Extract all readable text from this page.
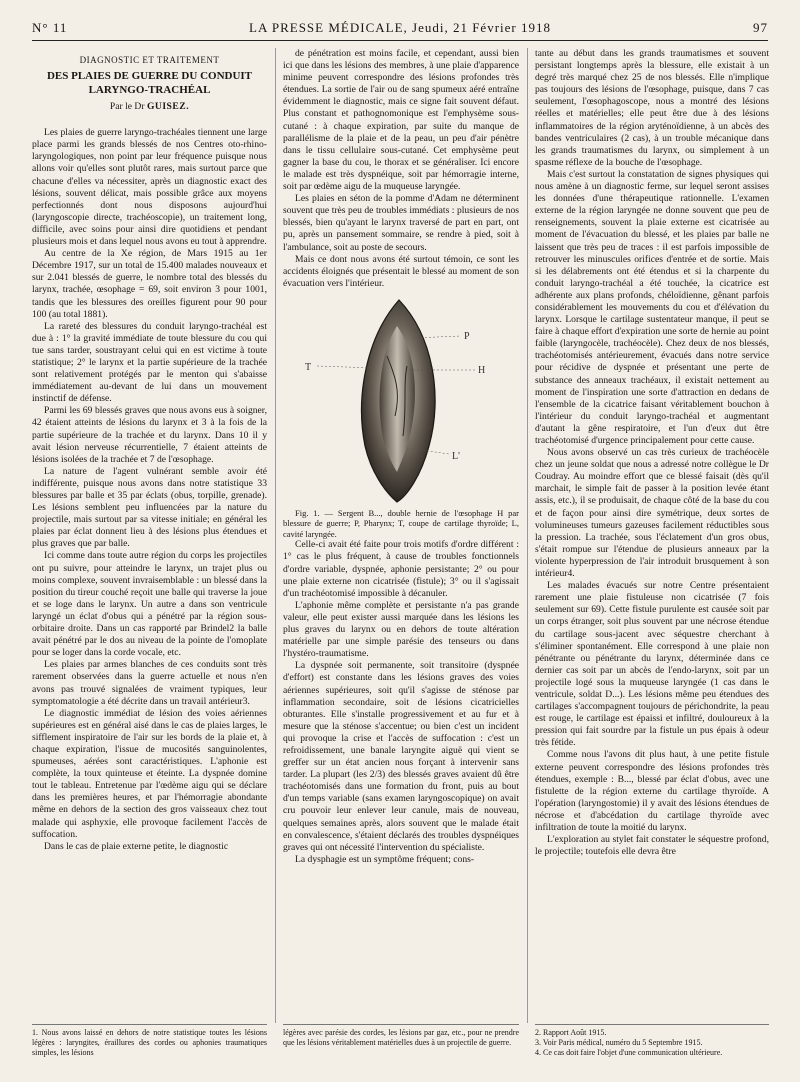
N° 11	LA PRESSE MÉDICALE, Jeudi, 21 Février 1918	97
DIAGNOSTIC ET TRAITEMENT
DES PLAIES DE GUERRE DU CONDUIT LARYNGO-TRACHÉAL
Par le Dr GUISEZ.

Les plaies de guerre laryngo-trachéales tiennent une large place parmi les grands blessés de nos Centres oto-rhino-laryngologiques, non point par leur fréquence puisque nous allons voir qu'elles sont plutôt rares, mais surtout parce que chacune d'elles va nécessiter, après un diagnostic exact des lésions, souvent délicat, mais possible grâce aux moyens perfectionnés dont nous disposons aujourd'hui (laryngoscopie directe, trachéoscopie), un traitement long, difficile, avec soins pour ainsi dire quotidiens et pendant plusieurs mois et dans lequel nous avons eu tout à apprendre.

Au centre de la Xe région, de Mars 1915 au 1er Décembre 1917, sur un total de 15.400 malades nouveaux et sur 2.041 blessés de guerre, le nombre total des blessés du larynx, trachée, œsophage = 69, soit environ 3 pour 1001, tandis que les blessures des oreilles figurent pour 90 pour 100 (au total 1881).

La rareté des blessures du conduit laryngo-trachéal est due à : 1° la gravité immédiate de toute blessure du cou qui tue sans tarder, soustrayant celui qui en est victime à toute statistique; 2° le larynx et la partie supérieure de la trachée sont relativement protégés par le menton qui s'abaisse immédiatement au-devant de lui dans un mouvement instinctif de défense.

Parmi les 69 blessés graves que nous avons eus à soigner, 42 étaient atteints de lésions du larynx et 3 à la fois de la partie supérieure de la trachée et du larynx. Dans 10 il y avait lésion nerveuse récurrentielle, 7 étaient atteints de lésions isolées de la trachée et 7 de l'œsophage.

La nature de l'agent vulnérant semble avoir été indifférente, puisque nous avons dans notre statistique 33 blessures par balle et 35 par éclats (obus, torpille, grenade). Les lésions semblent peu influencées par la nature du projectile, mais surtout par sa vitesse initiale; en général les plaies par éclat donnent lieu à des lésions plus étendues et plus graves que par balle.

Ici comme dans toute autre région du corps les projectiles ont pu suivre, pour atteindre le larynx, un trajet plus ou moins complexe, souvent invraisemblable : un blessé dans la position du tireur couché reçoit une balle qui traverse la joue et se loge dans le larynx. Un autre a dans son ventricule laryngé un éclat d'obus qui a pénétré par la région sous-orbitaire droite. Dans un cas rapporté par Brindel2 la balle avait pénétré par le dos au niveau de la pointe de l'omoplate pour se loger dans la corde vocale, etc.

Les plaies par armes blanches de ces conduits sont très rarement observées dans la guerre actuelle et nous n'en avons pas trouvé signalées de vraiment typiques, leur symptomatologie a été décrite dans un travail antérieur3.

Le diagnostic immédiat de lésion des voies aériennes supérieures est en général aisé dans le cas de plaies larges, le sifflement inspiratoire de l'air sur les bords de la plaie et, à chaque expiration, l'issue de mucosités sanguinolentes, spumeuses, aérées sont caractéristiques. L'aphonie est complète, la toux quinteuse et éteinte. La dyspnée domine tout le tableau. Entretenue par l'œdème aigu qui se déclare dans les premières heures, et par l'hémorragie abondante même en dehors de la section des gros vaisseaux chez tout malade qui asphyxie, elle provoque facilement l'accès de suffocation.

Dans le cas de plaie externe petite, le diagnostic

de pénétration est moins facile, et cependant, aussi bien ici que dans les lésions des membres, à une plaie d'apparence minime peuvent correspondre des lésions profondes très étendues. La sortie de l'air ou de sang spumeux aéré entraîne évidemment le diagnostic, mais ce signe fait souvent défaut. Plus constant et pathognomonique est l'emphysème sous-cutané : à chaque expiration, par suite du manque de parallélisme de la plaie et de la peau, un peu d'air pénètre dans le tissu cellulaire sous-cutané. Cet emphysème peut gagner la base du cou, le thorax et se généraliser. Ici encore le malade est très dyspnéique, soit par hémorragie interne, soit par œdème aigu de la muqueuse laryngée.

Les plaies en séton de la pomme d'Adam ne déterminent souvent que très peu de troubles immédiats : plusieurs de nos blessés, bien qu'ayant le larynx traversé de part en part, ont pu, après un pansement sommaire, se rendre à pied, soit à l'ambulance, soit au poste de secours.

Mais ce dont nous avons été surtout témoin, ce sont les accidents éloignés que présentait le blessé au moment de son évacuation vers l'intérieur.

P
T	H
L'

Fig. 1. — Sergent B..., double hernie de l'œsophage H par blessure de guerre; P, Pharynx; T, coupe de cartilage thyroïde; L, cavité laryngée.

Celle-ci avait été faite pour trois motifs d'ordre différent : 1° cas le plus fréquent, à cause de troubles fonctionnels d'ordre variable, dyspnée, aphonie persistante; 2° ou pour une plaie externe non cicatrisée (fistule); 3° ou il s'agissait d'un trachéotomisé impossible à décanuler.

L'aphonie même complète et persistante n'a pas grande valeur, elle peut exister aussi marquée dans les lésions les plus graves du larynx ou en dehors de toute altération matérielle par une simple parésie des tenseurs ou dans l'hystéro-traumatisme.

La dyspnée soit permanente, soit transitoire (dyspnée d'effort) est constante dans les lésions graves des voies aériennes supérieures, soit qu'il s'agisse de sténose par inflammation secondaire, soit de lésions cicatricielles obturantes. Elle s'installe progressivement et au fur et à mesure que la sténose s'accentue; ou bien c'est un incident qui provoque la crise et l'accès de suffocation : c'est un refroidissement, une banale laryngite aiguë qui vient se greffer sur un état ancien nous forçant à intervenir sans tarder. La plupart (les 2/3) des blessés graves avaient dû être trachéotomisés dans une formation du front, puis au bout d'un temps variable (sans examen laryngoscopique) on avait cru pouvoir leur enlever leur canule, mais de nouveau, quelques semaines après, alors souvent que le malade était en convalescence, s'étaient déclarés des troubles dyspnéiques graves qui ont nécessité l'intervention du spécialiste.

La dysphagie est un symptôme fréquent; cons-

tante au début dans les grands traumatismes et souvent persistant longtemps après la blessure, elle existait à un degré très marqué chez 25 de nos blessés. Elle n'implique pas toujours des lésions de l'œsophage, puisque, dans 7 cas seulement, l'œsophagoscope, nous a montré des lésions réelles et matérielles; elle peut être due à des lésions inflammatoires de la région aryténoïdienne, à un abcès des bandes ventriculaires (2 cas), à un trouble mécanique dans les grands traumatismes du larynx, ou simplement à un spasme réflexe de la bouche de l'œsophage.

Mais c'est surtout la constatation de signes physiques qui nous amène à un diagnostic ferme, sur lequel seront assises les données d'une thérapeutique rationnelle. L'examen externe de la région laryngée ne donne souvent que peu de renseignements, souvent la plaie externe est cicatrisée au moment de l'évacuation du blessé, et les plaies par balle ne laissent que très peu de traces : il est parfois impossible de retrouver les minuscules orifices d'entrée et de sortie. Mais si les délabrements ont été étendus et si la charpente du conduit laryngo-trachéal a été touchée, la cicatrice est adhérente aux plans profonds, chéloïdienne, gênant parfois considérablement les mouvements du cou et d'élévation du larynx. Lorsque le cartilage sustentateur manque, il peut se faire à chaque effort d'expiration une sorte de hernie au point faible (laryngocèle, trachéocèle). Chez deux de nos blessés, trachéotomisés antérieurement, évacués dans notre service pour récidive de dyspnée et présentant une perte de substance des anneaux trachéaux, il existait nettement au moment de l'inspiration une sorte d'attraction en dedans de l'ensemble de la cicatrice faisant véritablement bouchon à l'intérieur du conduit laryngo-trachéal et augmentant d'autant la gêne respiratoire, et l'un d'eux dut être trachéotomisé d'urgence principalement pour cette cause.

Nous avons observé un cas très curieux de trachéocèle chez un jeune soldat que nous a adressé notre collègue le Dr Coudray. Au moindre effort que ce blessé faisait (dès qu'il marchait, le simple fait de passer à la position levée étant assis, etc.), il se produisait, de chaque côté de la base du cou et de façon pour ainsi dire symétrique, deux sortes de volumineuses tumeurs gazeuses facilement réductibles sous la pression. La trachée, sous l'éclatement d'un gros obus, s'était rompue sur l'étendue de plusieurs anneaux par la violente hyperpression de l'air introduit brusquement à son intérieur4.

Les malades évacués sur notre Centre présentaient rarement une plaie fistuleuse non cicatrisée (7 fois seulement sur 69). Cette fistule purulente est causée soit par un corps étranger, soit plus souvent par une nécrose étendue du cartilage sous-jacent avec séquestre cherchant à s'éliminer spontanément. Elle correspond à une plaie non pénétrante ou pénétrante du larynx, déterminée dans ce dernier cas soit par un abcès de l'endo-larynx, soit par un projectile logé sous la muqueuse laryngée (1 cas dans le ventricule, soldat D...). Les lésions même peu étendues des cartilages s'accompagnent toujours de périchondrite, la peau est rouge, le cartilage est épaissi et infiltré, douloureux à la pression qui fait sourdre par la fistule un pus épais à odeur très fétide.

Comme nous l'avons dit plus haut, à une petite fistule externe peuvent correspondre des lésions profondes très étendues, exemple : B..., blessé par éclat d'obus, avec une fistulette de la région externe du cartilage thyroïde. A l'opération (laryngostomie) il y avait des lésions étendues de nécrose et d'abcédation du cartilage thyroïde avec infiltration de toute la moitié du larynx.

L'exploration au stylet fait constater le séquestre profond, le projectile; toutefois elle devra être

1. Nous avons laissé en dehors de notre statistique toutes les lésions légères : laryngites, éraillures des cordes ou aphonies traumatiques simples, les lésions
légères avec parésie des cordes, les lésions par gaz, etc., pour ne prendre que les lésions véritablement matérielles dues à un projectile de guerre.
2. Rapport Août 1915.
3. Voir Paris médical, numéro du 5 Septembre 1915.
4. Ce cas doit faire l'objet d'une communication ultérieure.
